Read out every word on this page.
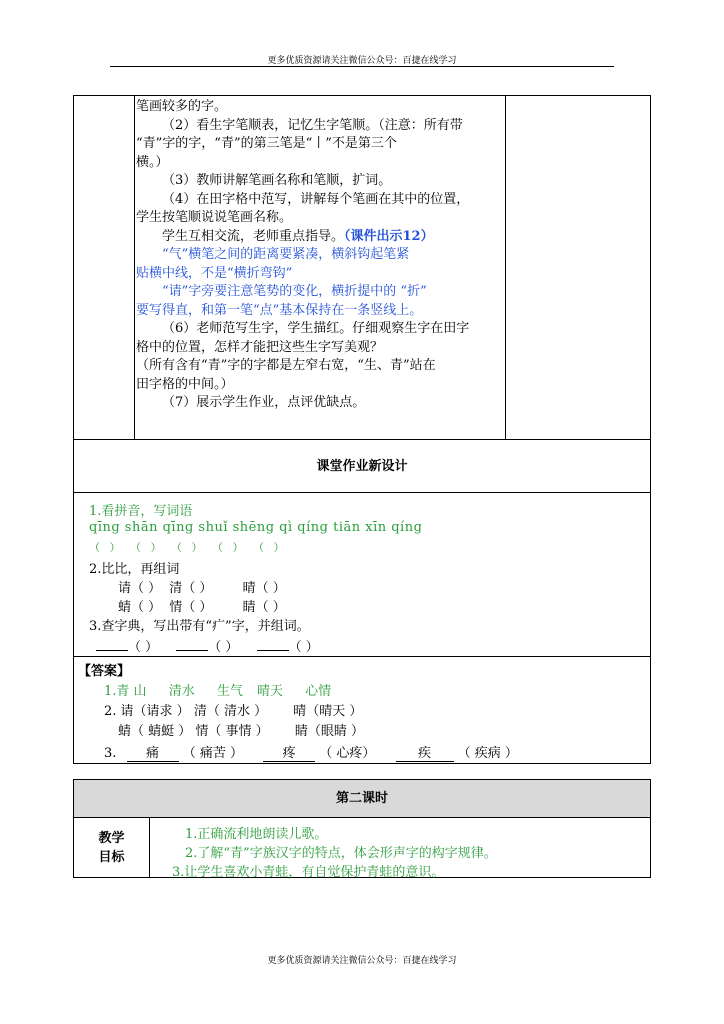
更多优质资源请关注微信公众号：百捷在线学习

笔画较多的字。

（2）看生字笔顺表，记忆生字笔顺。（注意：所有带

“青”字的字，“青”的第三笔是“丨”不是第三个

横。）

（3）教师讲解笔画名称和笔顺，扩词。

（4）在田字格中范写，讲解每个笔画在其中的位置，

学生按笔顺说说笔画名称。

学生互相交流，老师重点指导。（课件出示12）

“气”横笔之间的距离要紧凑，横斜钩起笔紧

贴横中线，不是“横折弯钩”

“请”字旁要注意笔势的变化，横折提中的 “折”

要写得直，和第一笔“点”基本保持在一条竖线上。

（6）老师范写生字，学生描红。仔细观察生字在田字

格中的位置，怎样才能把这些生字写美观？

（所有含有“青”字的字都是左窄右宽，“生、青”站在

田字格的中间。）

（7）展示学生作业，点评优缺点。

课堂作业新设计
1.看拼音，写词语
qīng shān qīng shuǐ shēng qì qíng tiān xīn qíng
（ ） （ ） （ ） （ ） （ ）
2.比比，再组词
请（ ） 清（ ） 晴（ ）
蜻（ ） 情（ ） 睛（ ）
3.查字典，写出带有“疒”字，并组词。
（ ）	（ ）	（ ）
【答案】
1.青 山 清水 生气 晴天 心情
2. 请（请求 ） 清（ 清水 ） 晴（晴天 ）
蜻（ 蜻蜓 ） 情（ 事情 ） 睛（眼睛 ）
3. 痛 （ 痛苦 ）	疼 （ 心疼）	疾 （ 疾病 ）
第二课时
教学
目标
1.正确流利地朗读儿歌。
2.了解“青”字族汉字的特点，体会形声字的构字规律。
3.让学生喜欢小青蛙，有自觉保护青蛙的意识。
更多优质资源请关注微信公众号：百捷在线学习
